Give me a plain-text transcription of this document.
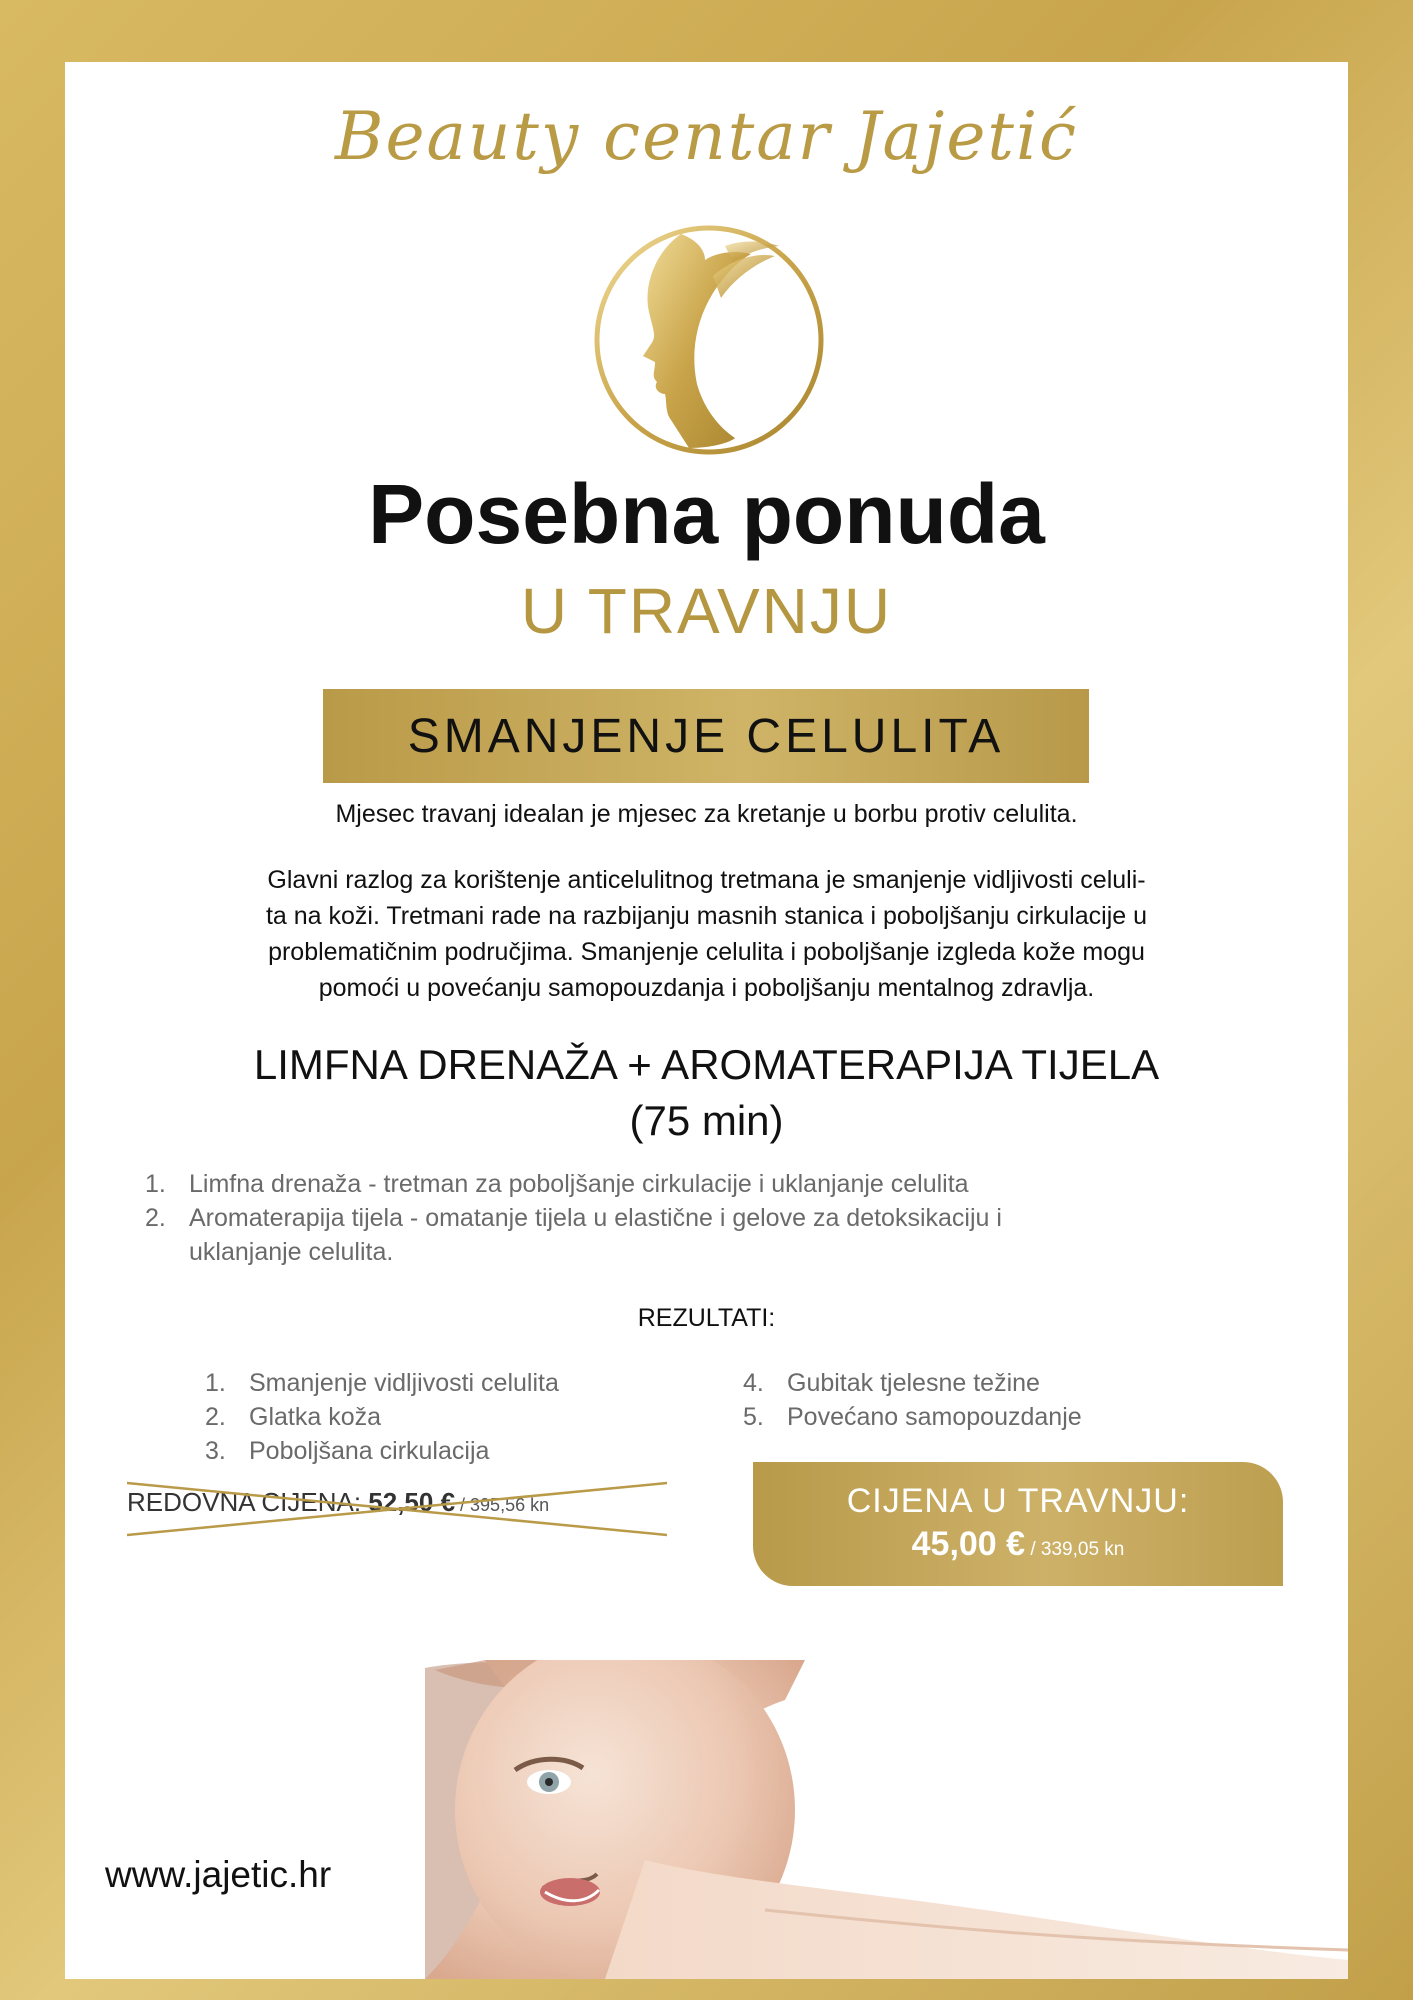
Beauty centar Jajetić
Posebna ponuda
U TRAVNJU
SMANJENJE CELULITA
Mjesec travanj idealan je mjesec za kretanje u borbu protiv celulita.
Glavni razlog za korištenje anticelulitnog tretmana je smanjenje vidljivosti celuli-
ta na koži. Tretmani rade na razbijanju masnih stanica i poboljšanju cirkulacije u
problematičnim područjima. Smanjenje celulita i poboljšanje izgleda kože mogu
pomoći u povećanju samopouzdanja i poboljšanju mentalnog zdravlja.
LIMFNA DRENAŽA + AROMATERAPIJA TIJELA
(75 min)
1. Limfna drenaža - tretman za poboljšanje cirkulacije i uklanjanje celulita
2. Aromaterapija tijela - omatanje tijela u elastične i gelove za detoksikaciju i
uklanjanje celulita.
REZULTATI:
1. Smanjenje vidljivosti celulita
2. Glatka koža
3. Poboljšana cirkulacija
4. Gubitak tjelesne težine
5. Povećano samopouzdanje
REDOVNA CIJENA: 52,50 € / 395,56 kn	CIJENA U TRAVNJU:
45,00 € / 339,05 kn
www.jajetic.hr
